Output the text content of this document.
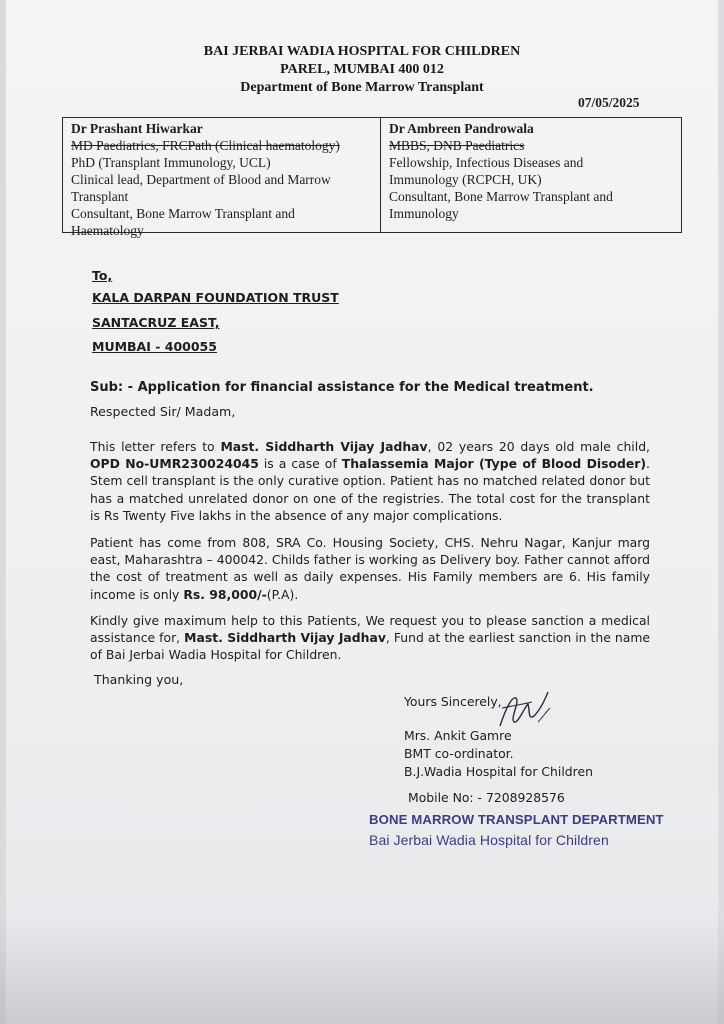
BAI JERBAI WADIA HOSPITAL FOR CHILDREN
PAREL, MUMBAI 400 012
Department of Bone Marrow Transplant
07/05/2025
Dr Prashant Hiwarkar
MD Paediatrics, FRCPath (Clinical haematology)
PhD (Transplant Immunology, UCL)
Clinical lead, Department of Blood and Marrow
Transplant
Consultant, Bone Marrow Transplant and
Haematology
Dr Ambreen Pandrowala
MBBS, DNB Paediatrics
Fellowship, Infectious Diseases and
Immunology (RCPCH, UK)
Consultant, Bone Marrow Transplant and
Immunology
To,
KALA DARPAN FOUNDATION TRUST
SANTACRUZ EAST,
MUMBAI - 400055
Sub: - Application for financial assistance for the Medical treatment.
Respected Sir/ Madam,
This letter refers to Mast. Siddharth Vijay Jadhav, 02 years 20 days old male child, OPD No-UMR230024045 is a case of Thalassemia Major (Type of Blood Disoder). Stem cell transplant is the only curative option. Patient has no matched related donor but has a matched unrelated donor on one of the registries. The total cost for the transplant is Rs Twenty Five lakhs in the absence of any major complications.
Patient has come from 808, SRA Co. Housing Society, CHS. Nehru Nagar, Kanjur marg east, Maharashtra – 400042. Childs father is working as Delivery boy. Father cannot afford the cost of treatment as well as daily expenses. His Family members are 6. His family income is only Rs. 98,000/-(P.A).
Kindly give maximum help to this Patients, We request you to please sanction a medical assistance for, Mast. Siddharth Vijay Jadhav, Fund at the earliest sanction in the name of Bai Jerbai Wadia Hospital for Children.
Thanking you,
Yours Sincerely,
Mrs. Ankit Gamre
BMT co-ordinator.
B.J.Wadia Hospital for Children
Mobile No: - 7208928576
BONE MARROW TRANSPLANT DEPARTMENT
Bai Jerbai Wadia Hospital for Children
